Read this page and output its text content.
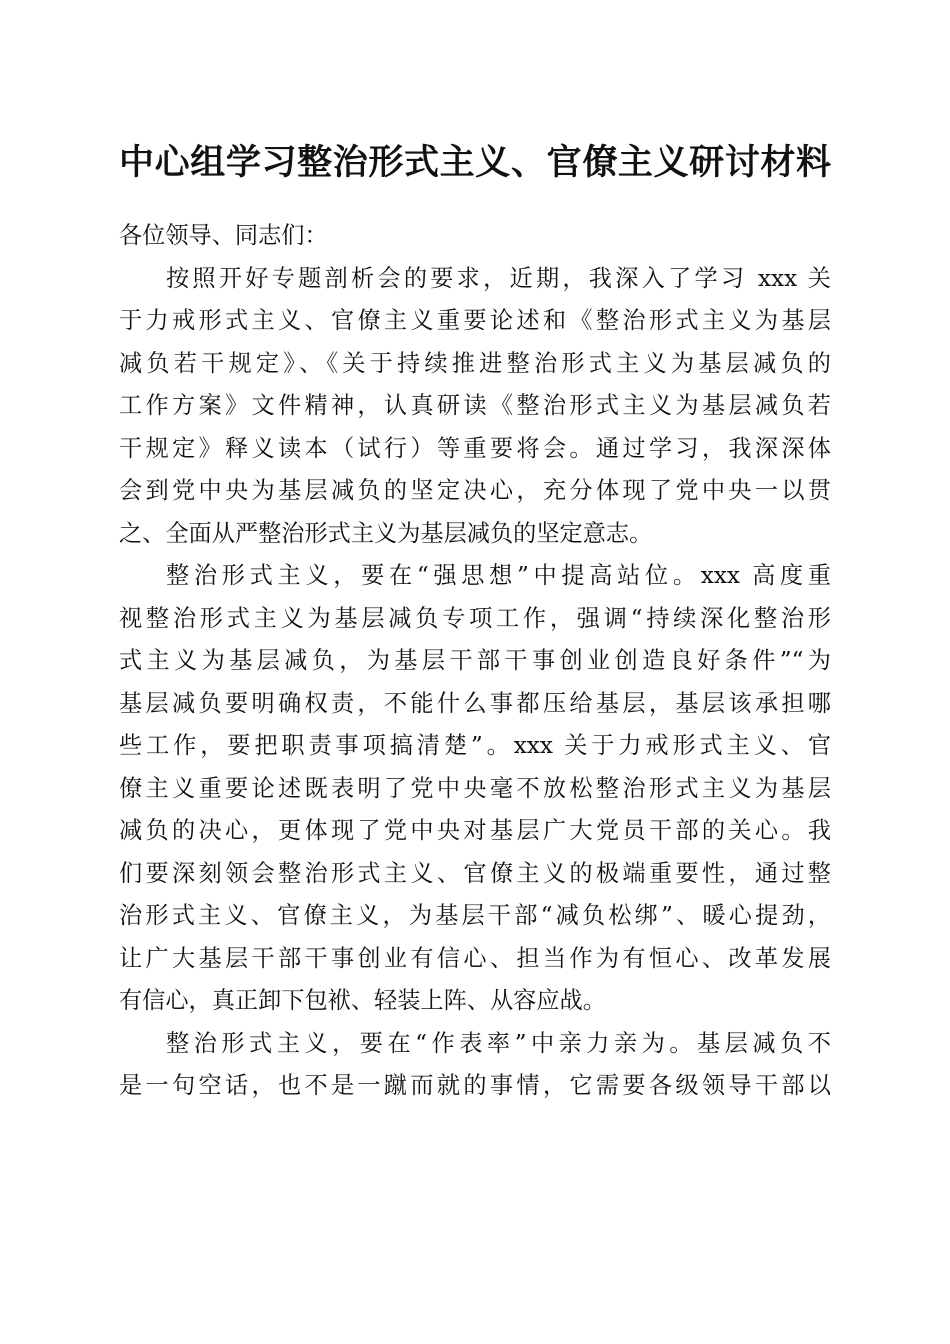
中心组学习整治形式主义、官僚主义研讨材料
各位领导、同志们：
按照开好专题剖析会的要求，近期，我深入了学习 xxx 关
于力戒形式主义、官僚主义重要论述和《整治形式主义为基层
减负若干规定》、《关于持续推进整治形式主义为基层减负的
工作方案》文件精神，认真研读《整治形式主义为基层减负若
干规定》释义读本（试行）等重要将会。通过学习，我深深体
会到党中央为基层减负的坚定决心，充分体现了党中央一以贯
之、全面从严整治形式主义为基层减负的坚定意志。
整治形式主义，要在“强思想”中提高站位。xxx 高度重
视整治形式主义为基层减负专项工作，强调“持续深化整治形
式主义为基层减负，为基层干部干事创业创造良好条件”“为
基层减负要明确权责，不能什么事都压给基层，基层该承担哪
些工作，要把职责事项搞清楚”。xxx 关于力戒形式主义、官
僚主义重要论述既表明了党中央毫不放松整治形式主义为基层
减负的决心，更体现了党中央对基层广大党员干部的关心。我
们要深刻领会整治形式主义、官僚主义的极端重要性，通过整
治形式主义、官僚主义，为基层干部“减负松绑”、暖心提劲，
让广大基层干部干事创业有信心、担当作为有恒心、改革发展
有信心，真正卸下包袱、轻装上阵、从容应战。
整治形式主义，要在“作表率”中亲力亲为。基层减负不
是一句空话，也不是一蹴而就的事情，它需要各级领导干部以
